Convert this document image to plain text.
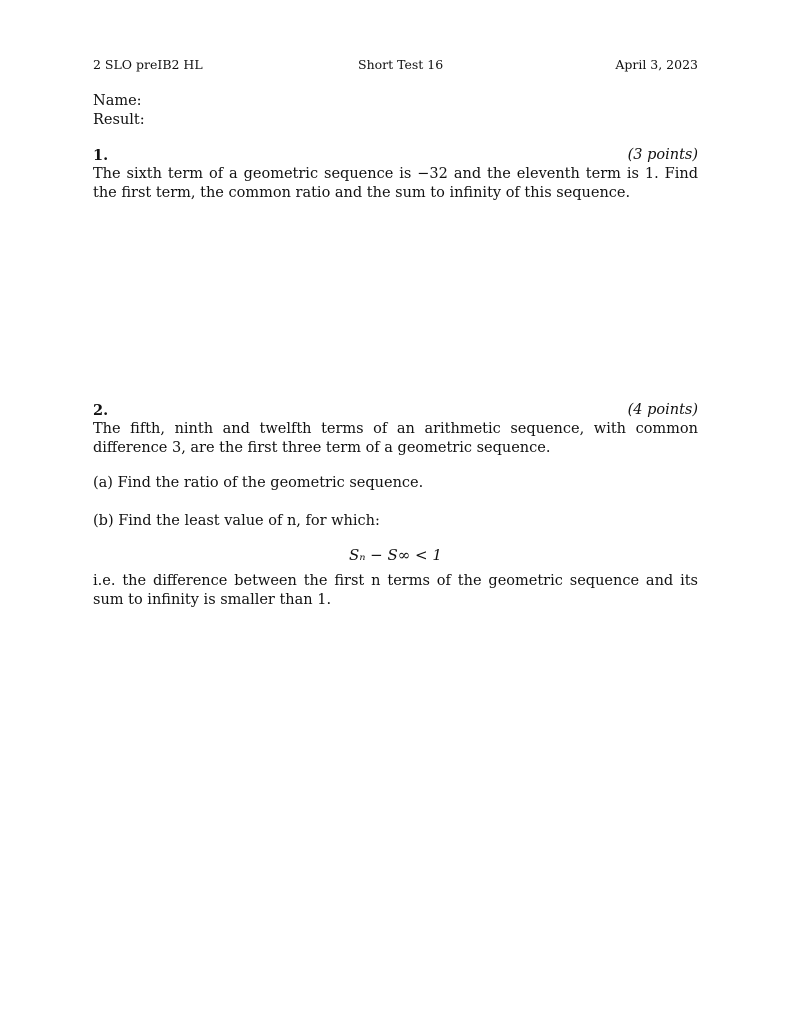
2 SLO preIB2 HL	Short Test 16	April 3, 2023
Name:
Result:
1.	(3 points)
The sixth term of a geometric sequence is −32 and the eleventh term is 1. Find the first term, the common ratio and the sum to infinity of this sequence.
2.	(4 points)
The fifth, ninth and twelfth terms of an arithmetic sequence, with common difference 3, are the first three term of a geometric sequence.
(a) Find the ratio of the geometric sequence.
(b) Find the least value of n, for which:
Sₙ − S∞ < 1
i.e. the difference between the first n terms of the geometric sequence and its sum to infinity is smaller than 1.
